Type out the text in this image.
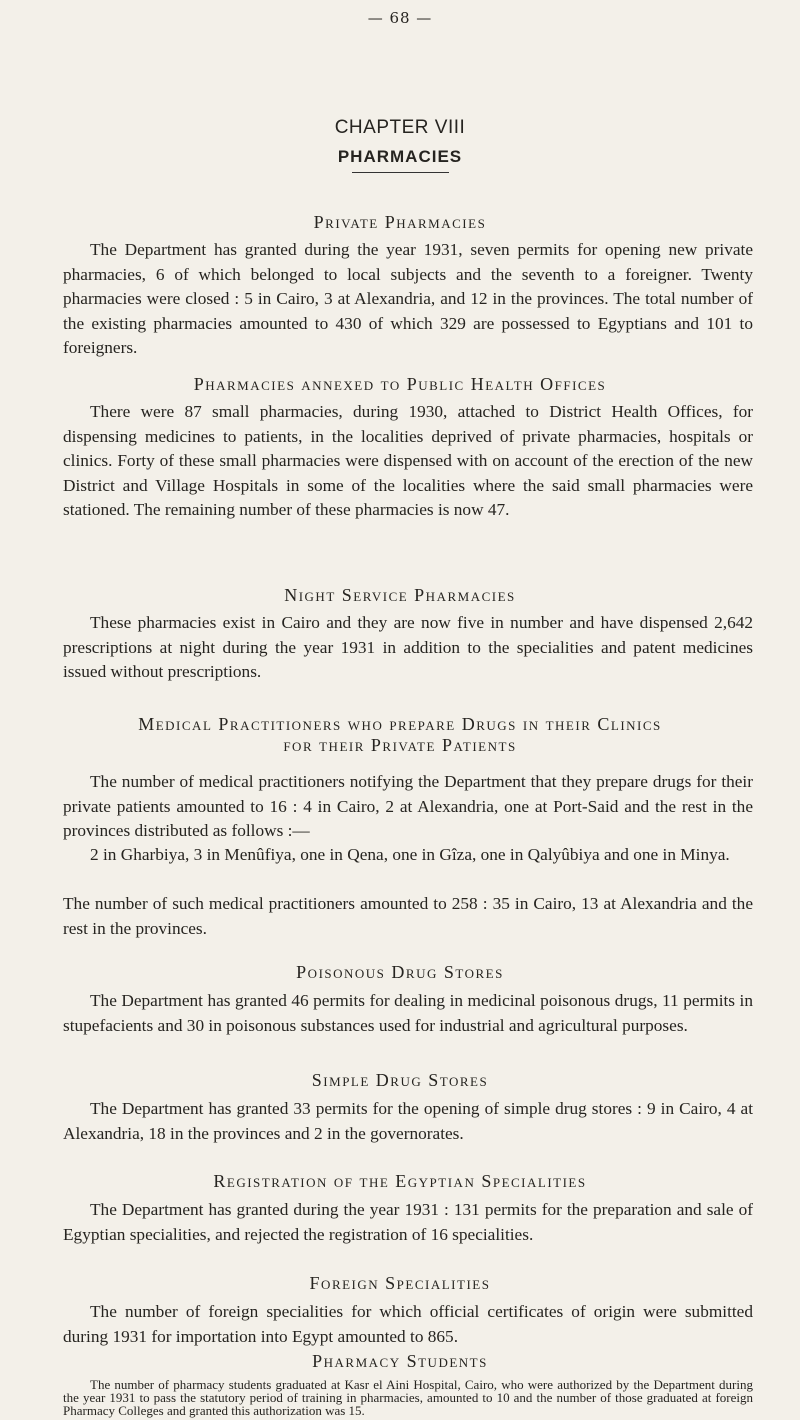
— 68 —
CHAPTER VIII
PHARMACIES
Private Pharmacies
The Department has granted during the year 1931, seven permits for opening new private pharmacies, 6 of which belonged to local subjects and the seventh to a foreigner. Twenty pharmacies were closed : 5 in Cairo, 3 at Alexandria, and 12 in the provinces. The total number of the existing pharmacies amounted to 430 of which 329 are possessed to Egyptians and 101 to foreigners.
Pharmacies annexed to Public Health Offices
There were 87 small pharmacies, during 1930, attached to District Health Offices, for dispensing medicines to patients, in the localities deprived of private pharmacies, hospitals or clinics. Forty of these small pharmacies were dispensed with on account of the erection of the new District and Village Hospitals in some of the localities where the said small pharmacies were stationed. The remaining number of these pharmacies is now 47.
Night Service Pharmacies
These pharmacies exist in Cairo and they are now five in number and have dispensed 2,642 prescriptions at night during the year 1931 in addition to the specialities and patent medicines issued without prescriptions.
Medical Practitioners who prepare Drugs in their Clinics
for their Private Patients
The number of medical practitioners notifying the Department that they prepare drugs for their private patients amounted to 16 : 4 in Cairo, 2 at Alexandria, one at Port-Said and the rest in the provinces distributed as follows :—
2 in Gharbiya, 3 in Menûfiya, one in Qena, one in Gîza, one in Qalyûbiya and one in Minya.
The number of such medical practitioners amounted to 258 : 35 in Cairo, 13 at Alexandria and the rest in the provinces.
Poisonous Drug Stores
The Department has granted 46 permits for dealing in medicinal poisonous drugs, 11 permits in stupefacients and 30 in poisonous substances used for industrial and agricultural purposes.
Simple Drug Stores
The Department has granted 33 permits for the opening of simple drug stores : 9 in Cairo, 4 at Alexandria, 18 in the provinces and 2 in the governorates.
Registration of the Egyptian Specialities
The Department has granted during the year 1931 : 131 permits for the preparation and sale of Egyptian specialities, and rejected the registration of 16 specialities.
Foreign Specialities
The number of foreign specialities for which official certificates of origin were submitted during 1931 for importation into Egypt amounted to 865.
Pharmacy Students
The number of pharmacy students graduated at Kasr el Aini Hospital, Cairo, who were authorized by the Department during the year 1931 to pass the statutory period of training in pharmacies, amounted to 10 and the number of those graduated at foreign Pharmacy Colleges and granted this authorization was 15.
